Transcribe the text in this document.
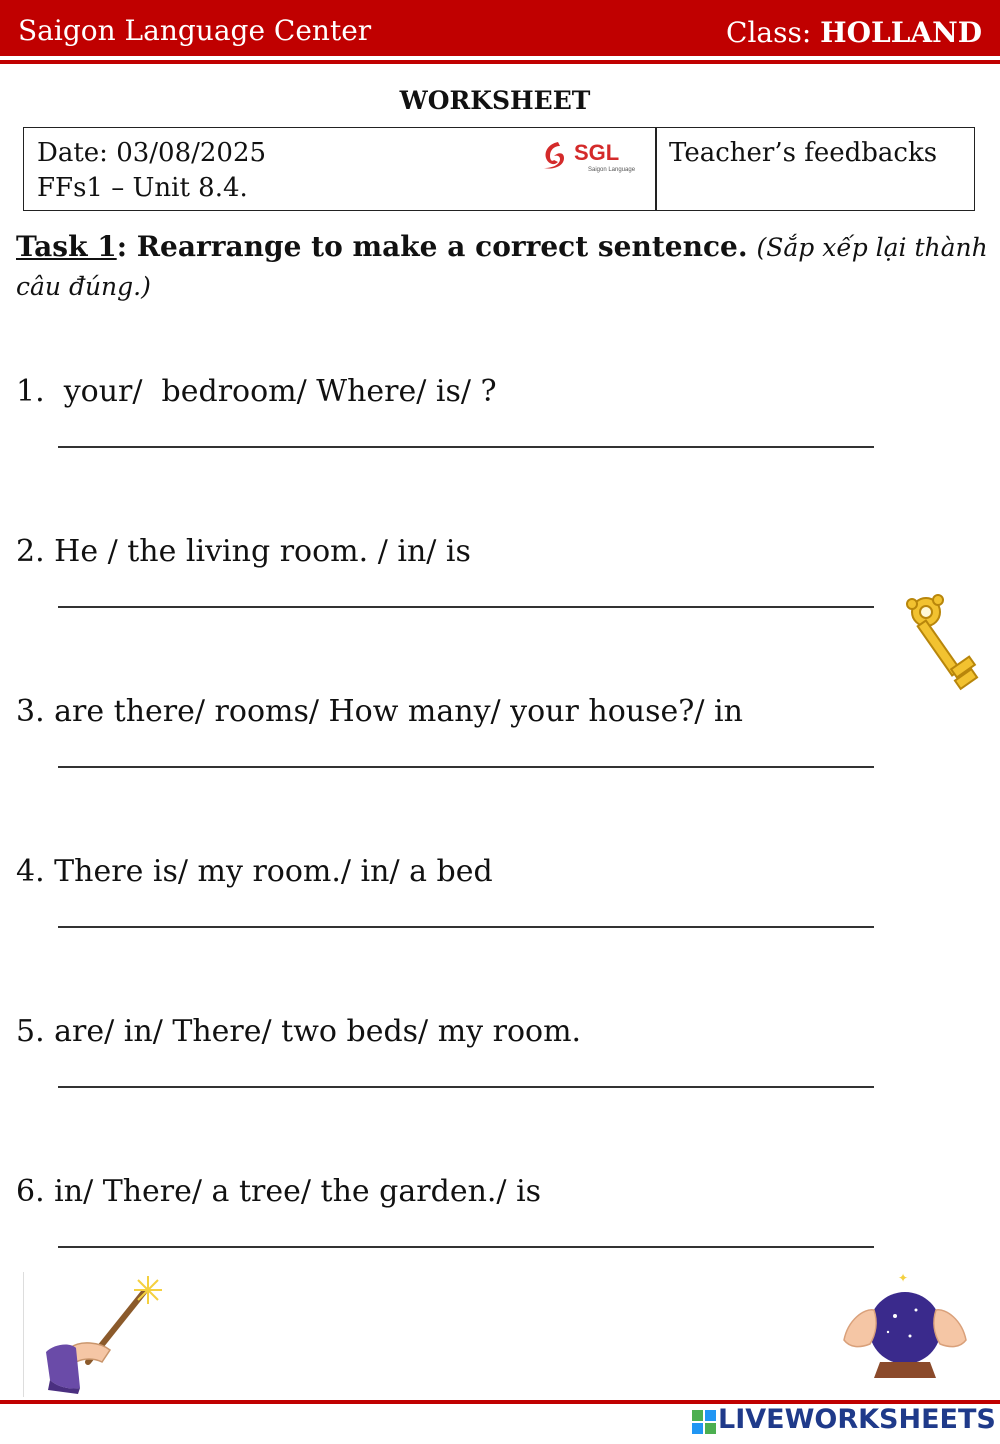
Saigon Language Center	Class: HOLLAND
WORKSHEET
Date: 03/08/2025
FFs1 – Unit 8.4.
SGL
Saigon Language
Teacher’s feedbacks
Task 1: Rearrange to make a correct sentence. (Sắp xếp lại thành câu đúng.)
1.  your/  bedroom/ Where/ is/ ?
2. He / the living room. / in/ is
3. are there/ rooms/ How many/ your house?/ in
4. There is/ my room./ in/ a bed
5. are/ in/ There/ two beds/ my room.
6. in/ There/ a tree/ the garden./ is
✦
LIVEWORKSHEETS
